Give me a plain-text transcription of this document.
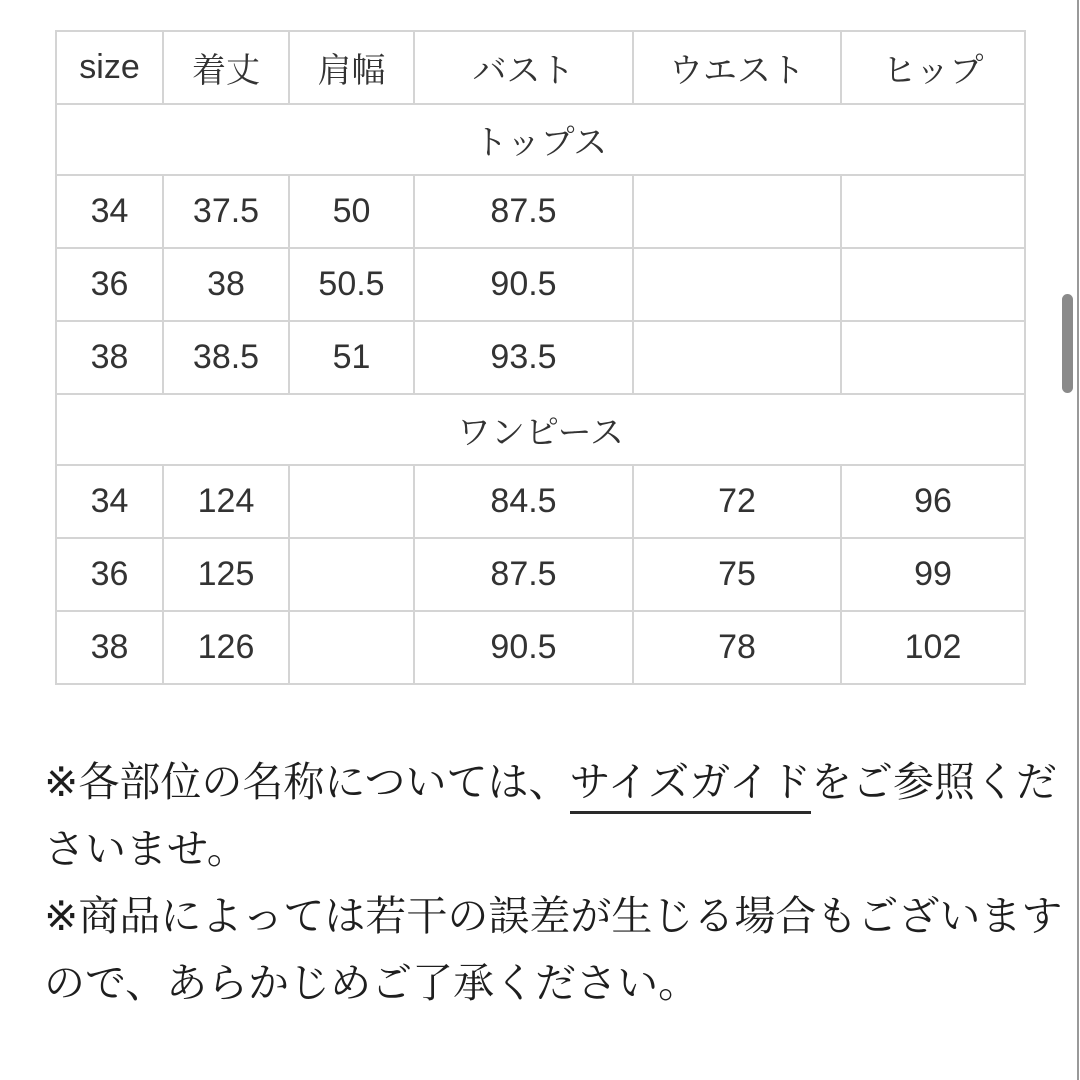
size	着丈	肩幅	バスト	ウエスト	ヒップ
トップス					
34	37.5	50	87.5		
36	38	50.5	90.5		
38	38.5	51	93.5		
ワンピース					
34	124		84.5	72	96
36	125		87.5	75	99
38	126		90.5	78	102

※各部位の名称については、サイズガイドをご参照くだ

さいませ。

※商品によっては若干の誤差が生じる場合もございます

ので、あらかじめご了承ください。
